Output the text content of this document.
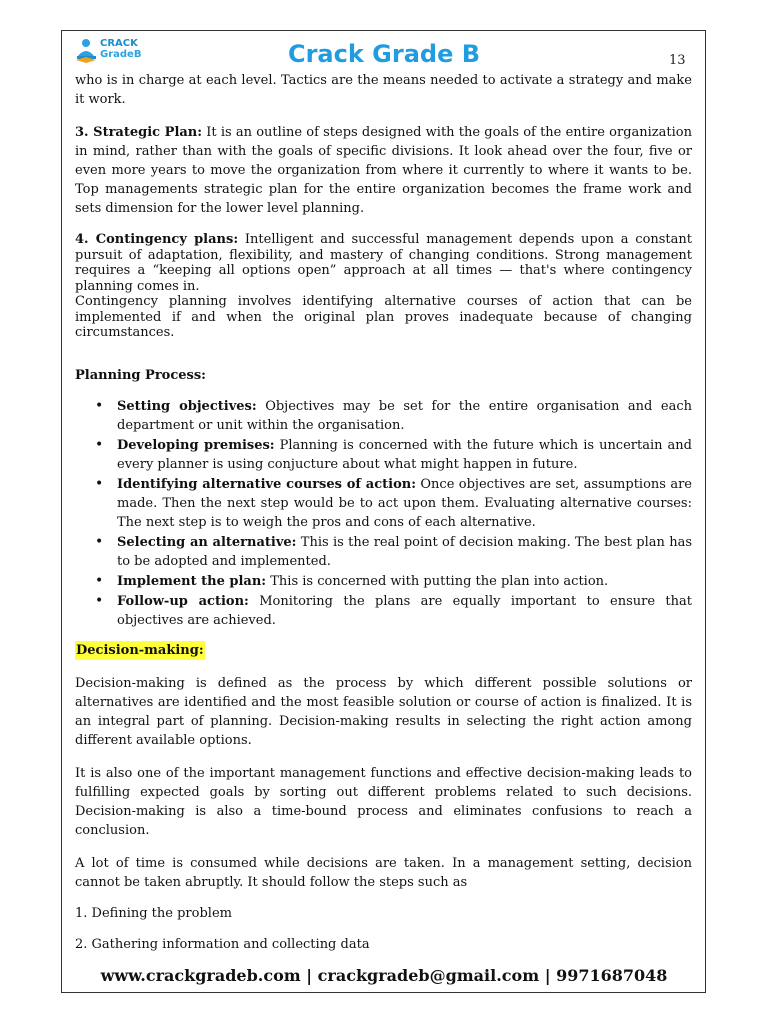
CRACK
GradeB	Crack Grade B	13

who is in charge at each level. Tactics are the means needed to activate a strategy and make it work.

3. Strategic Plan: It is an outline of steps designed with the goals of the entire organization in mind, rather than with the goals of specific divisions. It look ahead over the four, five or even more years to move the organization from where it currently to where it wants to be. Top managements strategic plan for the entire organization becomes the frame work and sets dimension for the lower level planning.

4. Contingency plans: Intelligent and successful management depends upon a constant pursuit of adaptation, flexibility, and mastery of changing conditions. Strong management requires a “keeping all options open” approach at all times — that's where contingency planning comes in.

Contingency planning involves identifying alternative courses of action that can be implemented if and when the original plan proves inadequate because of changing circumstances.

Planning Process:

• Setting objectives: Objectives may be set for the entire organisation and each department or unit within the organisation.
• Developing premises: Planning is concerned with the future which is uncertain and every planner is using conjucture about what might happen in future.
• Identifying alternative courses of action: Once objectives are set, assumptions are made. Then the next step would be to act upon them. Evaluating alternative courses: The next step is to weigh the pros and cons of each alternative.
• Selecting an alternative: This is the real point of decision making. The best plan has to be adopted and implemented.
• Implement the plan: This is concerned with putting the plan into action.
• Follow-up action: Monitoring the plans are equally important to ensure that objectives are achieved.
Decision-making:

Decision-making is defined as the process by which different possible solutions or alternatives are identified and the most feasible solution or course of action is finalized. It is an integral part of planning. Decision-making results in selecting the right action among different available options.

It is also one of the important management functions and effective decision-making leads to fulfilling expected goals by sorting out different problems related to such decisions. Decision-making is also a time-bound process and eliminates confusions to reach a conclusion.

A lot of time is consumed while decisions are taken. In a management setting, decision cannot be taken abruptly. It should follow the steps such as

1. Defining the problem

2. Gathering information and collecting data

www.crackgradeb.com | crackgradeb@gmail.com | 9971687048
